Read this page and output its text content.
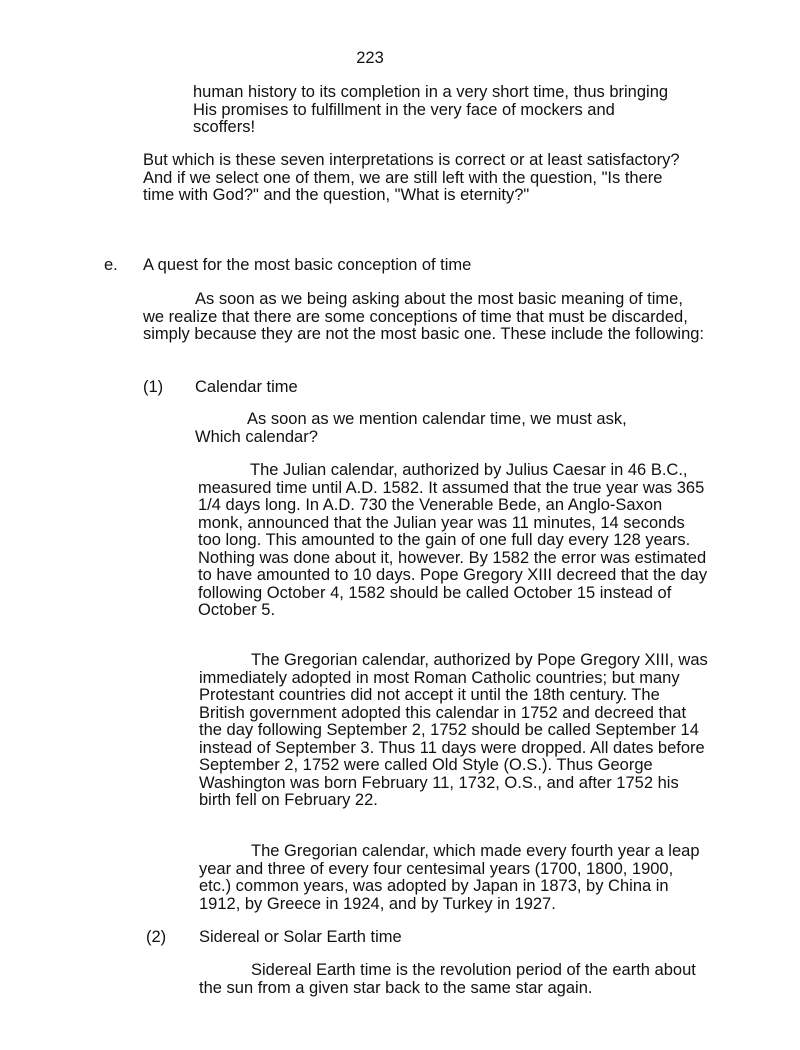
223

human history to its completion in a very short time, thus bringing His promises to fulfillment in the very face of mockers and scoffers!

But which is these seven interpretations is correct or at least satisfactory? And if we select one of them, we are still left with the question, "Is there time with God?" and the question, "What is eternity?"

e. A quest for the most basic conception of time

As soon as we being asking about the most basic meaning of time, we realize that there are some conceptions of time that must be discarded, simply because they are not the most basic one. These include the following:

(1) Calendar time

As soon as we mention calendar time, we must ask, Which calendar?

The Julian calendar, authorized by Julius Caesar in 46 B.C., measured time until A.D. 1582. It assumed that the true year was 365 1/4 days long. In A.D. 730 the Venerable Bede, an Anglo-Saxon monk, announced that the Julian year was 11 minutes, 14 seconds too long. This amounted to the gain of one full day every 128 years. Nothing was done about it, however. By 1582 the error was estimated to have amounted to 10 days. Pope Gregory XIII decreed that the day following October 4, 1582 should be called October 15 instead of October 5.

The Gregorian calendar, authorized by Pope Gregory XIII, was immediately adopted in most Roman Catholic countries; but many Protestant countries did not accept it until the 18th century. The British government adopted this calendar in 1752 and decreed that the day following September 2, 1752 should be called September 14 instead of September 3. Thus 11 days were dropped. All dates before September 2, 1752 were called Old Style (O.S.). Thus George Washington was born February 11, 1732, O.S., and after 1752 his birth fell on February 22.

The Gregorian calendar, which made every fourth year a leap year and three of every four centesimal years (1700, 1800, 1900, etc.) common years, was adopted by Japan in 1873, by China in 1912, by Greece in 1924, and by Turkey in 1927.

(2) Sidereal or Solar Earth time

Sidereal Earth time is the revolution period of the earth about the sun from a given star back to the same star again.
